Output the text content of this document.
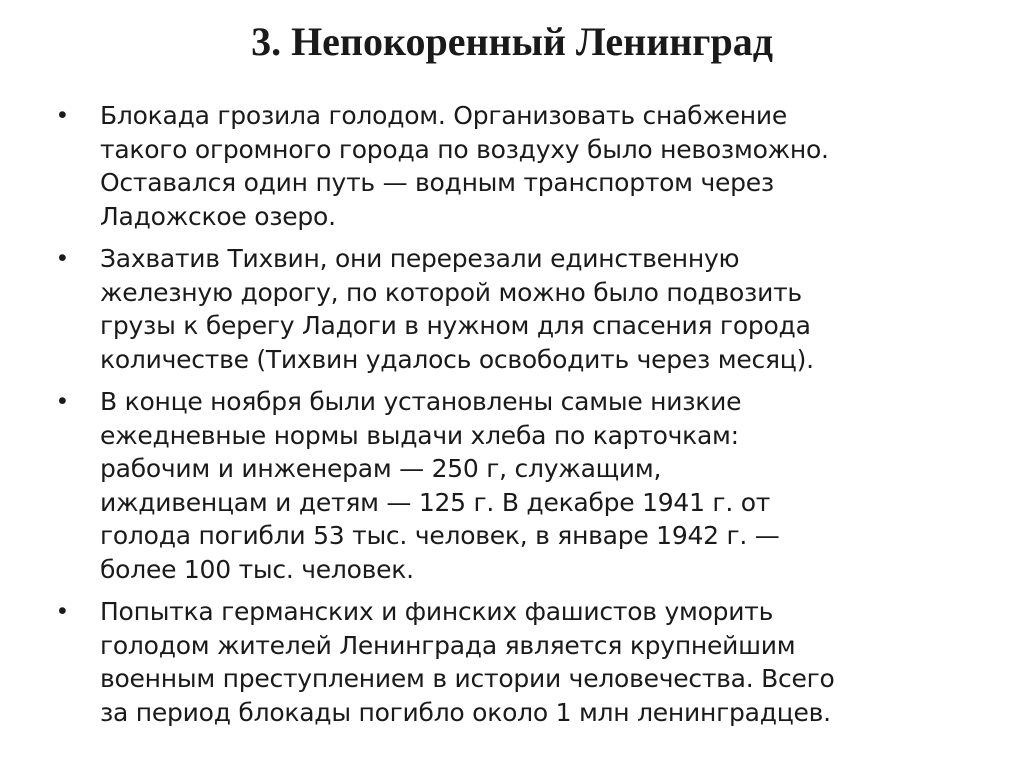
3. Непокоренный Ленинград
•	Блокада грозила голодом. Организовать снабжение
такого огромного города по воздуху было невозможно.
Оставался один путь — водным транспортом через
Ладожское озеро.
•	Захватив Тихвин, они перерезали единственную
железную дорогу, по которой можно было подвозить
грузы к берегу Ладоги в нужном для спасения города
количестве (Тихвин удалось освободить через месяц).
•	В конце ноября были установлены самые низкие
ежедневные нормы выдачи хлеба по карточкам:
рабочим и инженерам — 250 г, служащим,
иждивенцам и детям — 125 г. В декабре 1941 г. от
голода погибли 53 тыс. человек, в январе 1942 г. —
более 100 тыс. человек.
•	Попытка германских и финских фашистов уморить
голодом жителей Ленинграда является крупнейшим
военным преступлением в истории человечества. Всего
за период блокады погибло около 1 млн ленинградцев.
